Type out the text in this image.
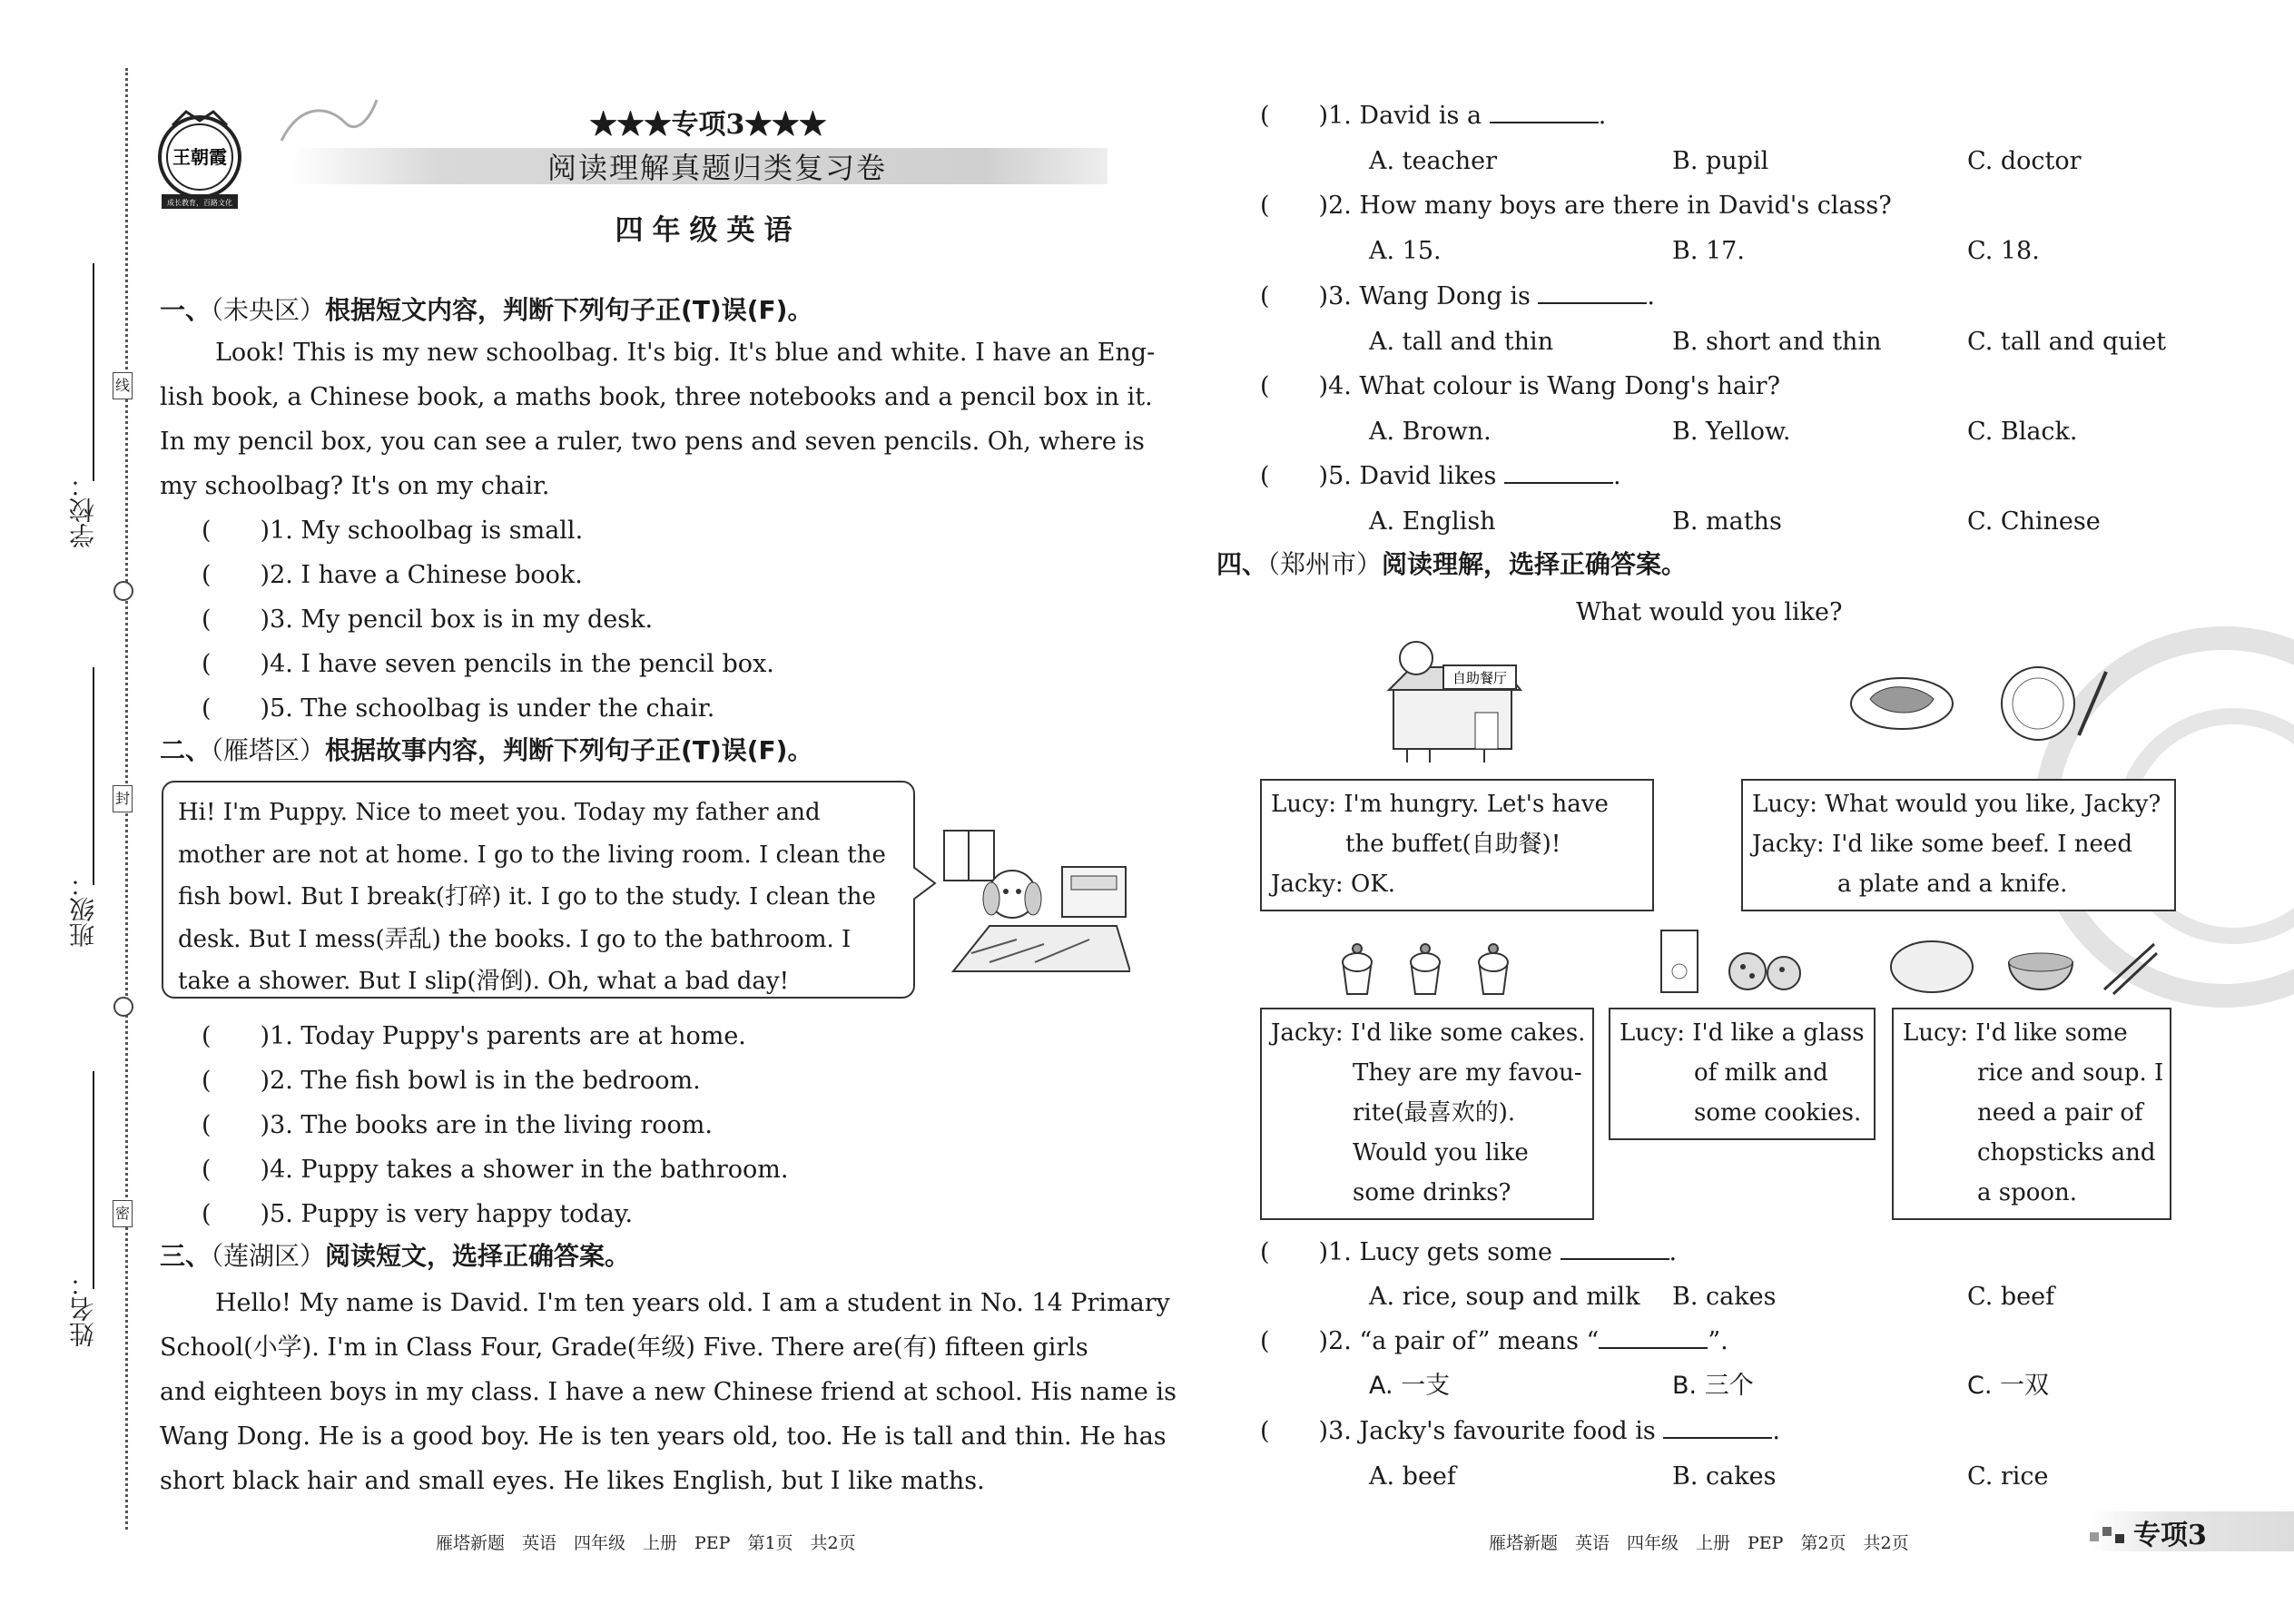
线
封
密
学校：
班级：
姓名：
王朝霞
成长教育，百路文化
★★★专项3★★★
阅读理解真题归类复习卷
四年级英语
一、（未央区）根据短文内容，判断下列句子正(T)误(F)。
Look! This is my new schoolbag. It's big. It's blue and white. I have an Eng-
lish book, a Chinese book, a maths book, three notebooks and a pencil box in it.
In my pencil box, you can see a ruler, two pens and seven pencils. Oh, where is
my schoolbag? It's on my chair.
(　　)1. My schoolbag is small.
(　　)2. I have a Chinese book.
(　　)3. My pencil box is in my desk.
(　　)4. I have seven pencils in the pencil box.
(　　)5. The schoolbag is under the chair.
二、（雁塔区）根据故事内容，判断下列句子正(T)误(F)。
Hi! I'm Puppy. Nice to meet you. Today my father and
mother are not at home. I go to the living room. I clean the
fish bowl. But I break(打碎) it. I go to the study. I clean the
desk. But I mess(弄乱) the books. I go to the bathroom. I
take a shower. But I slip(滑倒). Oh, what a bad day!
(　　)1. Today Puppy's parents are at home.
(　　)2. The fish bowl is in the bedroom.
(　　)3. The books are in the living room.
(　　)4. Puppy takes a shower in the bathroom.
(　　)5. Puppy is very happy today.
三、（莲湖区）阅读短文，选择正确答案。
Hello! My name is David. I'm ten years old. I am a student in No. 14 Primary
School(小学). I'm in Class Four, Grade(年级) Five. There are(有) fifteen girls
and eighteen boys in my class. I have a new Chinese friend at school. His name is
Wang Dong. He is a good boy. He is ten years old, too. He is tall and thin. He has
short black hair and small eyes. He likes English, but I like maths.
雁塔新题　英语　四年级　上册　PEP　第1页　共2页
(　　)1. David is a	.
A. teacher	B. pupil	C. doctor
(　　)2. How many boys are there in David's class?
A. 15.	B. 17.	C. 18.
(　　)3. Wang Dong is	.
A. tall and thin	B. short and thin	C. tall and quiet
(　　)4. What colour is Wang Dong's hair?
A. Brown.	B. Yellow.	C. Black.
(　　)5. David likes	.
A. English	B. maths	C. Chinese
四、（郑州市）阅读理解，选择正确答案。
What would you like?
自助餐厅
Lucy: I'm hungry. Let's have
the buffet(自助餐)!
Jacky: OK.
Lucy: What would you like, Jacky?
Jacky: I'd like some beef. I need
a plate and a knife.
Jacky: I'd like some cakes.
They are my favou-
rite(最喜欢的).
Would you like
some drinks?
Lucy: I'd like a glass
of milk and
some cookies.
Lucy: I'd like some
rice and soup. I
need a pair of
chopsticks and
a spoon.
(　　)1. Lucy gets some	.
A. rice, soup and milk B. cakes	C. beef
(　　)2. “a pair of” means “	”.
A. 一支	B. 三个	C. 一双
(　　)3. Jacky's favourite food is	.
A. beef	B. cakes	C. rice
雁塔新题　英语　四年级　上册　PEP　第2页　共2页	专项3
